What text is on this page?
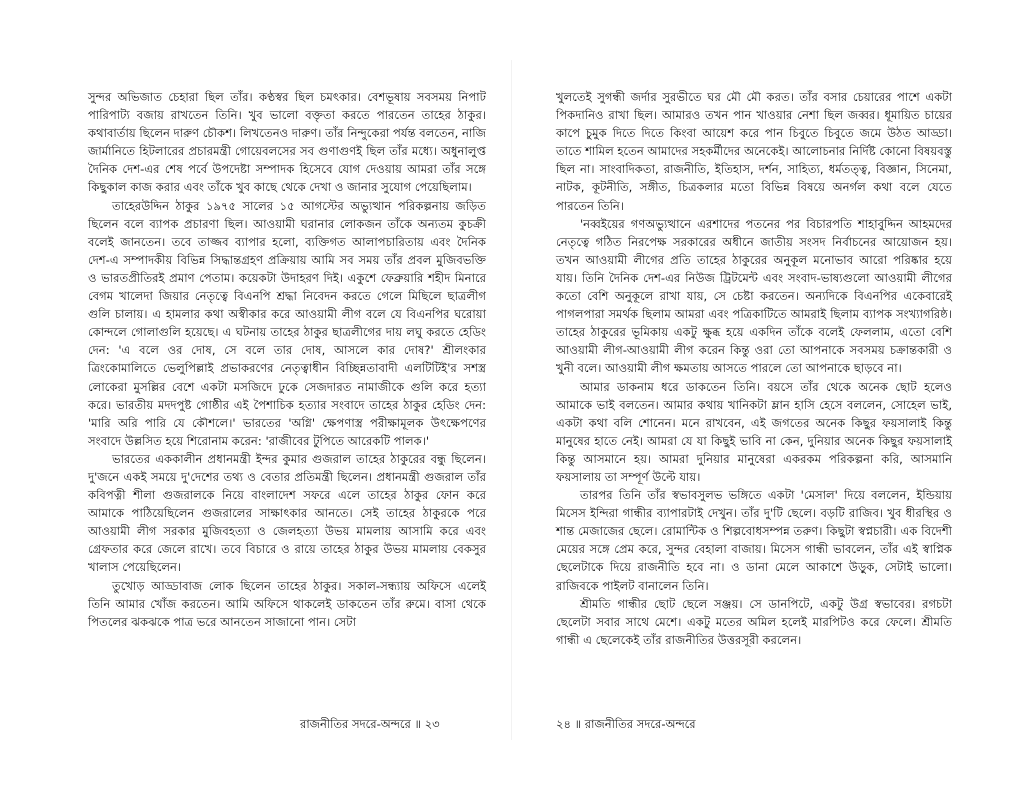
সুন্দর অভিজাত চেহারা ছিল তাঁর। কণ্ঠস্বর ছিল চমৎকার। বেশভূষায় সবসময় নিপাট পারিপাট্য বজায় রাখতেন তিনি। খুব ভালো বক্তৃতা করতে পারতেন তাহের ঠাকুর। কথাবার্তায় ছিলেন দারুণ চৌকশ। লিখতেনও দারুণ। তাঁর নিন্দুকেরা পর্যন্ত বলতেন, নাজি জার্মানিতে হিটলারের প্রচারমন্ত্রী গোয়েবলসের সব গুণাগুণই ছিল তাঁর মধ্যে। অধুনালুপ্ত দৈনিক দেশ-এর শেষ পর্বে উপদেষ্টা সম্পাদক হিসেবে যোগ দেওয়ায় আমরা তাঁর সঙ্গে কিছুকাল কাজ করার এবং তাঁকে খুব কাছে থেকে দেখা ও জানার সুযোগ পেয়েছিলাম।

তাহেরউদ্দিন ঠাকুর ১৯৭৫ সালের ১৫ আগস্টের অভ্যুত্থান পরিকল্পনায় জড়িত ছিলেন বলে ব্যাপক প্রচারণা ছিল। আওয়ামী ঘরানার লোকজন তাঁকে অন্যতম কুচক্রী বলেই জানতেন। তবে তাজ্জব ব্যাপার হলো, ব্যক্তিগত আলাপচারিতায় এবং দৈনিক দেশ-এ সম্পাদকীয় বিভিন্ন সিদ্ধান্তগ্রহণ প্রক্রিয়ায় আমি সব সময় তাঁর প্রবল মুজিবভক্তি ও ভারতপ্রীতিরই প্রমাণ পেতাম। কয়েকটা উদাহরণ দিই। একুশে ফেব্রুয়ারি শহীদ মিনারে বেগম খালেদা জিয়ার নেতৃত্বে বিএনপি শ্রদ্ধা নিবেদন করতে গেলে মিছিলে ছাত্রলীগ গুলি চালায়। এ হামলার কথা অস্বীকার করে আওয়ামী লীগ বলে যে বিএনপির ঘরোয়া কোন্দলে গোলাগুলি হয়েছে। এ ঘটনায় তাহের ঠাকুর ছাত্রলীগের দায় লঘু করতে হেডিং দেন: 'এ বলে ওর দোষ, সে বলে তার দোষ, আসলে কার দোষ?' শ্রীলংকার ত্রিংকোমালিতে ভেলুপিল্লাই প্রভাকরণের নেতৃত্বাধীন বিচ্ছিন্নতাবাদী এলটিটিই'র সশস্ত্র লোকেরা মুসল্লির বেশে একটা মসজিদে ঢুকে সেজদারত নামাজীকে গুলি করে হত্যা করে। ভারতীয় মদদপুষ্ট গোষ্ঠীর এই পৈশাচিক হত্যার সংবাদে তাহের ঠাকুর হেডিং দেন: 'মারি অরি পারি যে কৌশলে।' ভারতের 'অগ্নি' ক্ষেপণাস্ত্র পরীক্ষামূলক উৎক্ষেপণের সংবাদে উল্লসিত হয়ে শিরোনাম করেন: 'রাজীবের টুপিতে আরেকটি পালক।'

ভারতের এককালীন প্রধানমন্ত্রী ইন্দর কুমার গুজরাল তাহের ঠাকুরের বন্ধু ছিলেন। দু'জনে একই সময়ে দু'দেশের তথ্য ও বেতার প্রতিমন্ত্রী ছিলেন। প্রধানমন্ত্রী গুজরাল তাঁর কবিপত্নী শীলা গুজরালকে নিয়ে বাংলাদেশ সফরে এলে তাহের ঠাকুর ফোন করে আমাকে পাঠিয়েছিলেন গুজরালের সাক্ষাৎকার আনতে। সেই তাহের ঠাকুরকে পরে আওয়ামী লীগ সরকার মুজিবহত্যা ও জেলহত্যা উভয় মামলায় আসামি করে এবং গ্রেফতার করে জেলে রাখে। তবে বিচারে ও রায়ে তাহের ঠাকুর উভয় মামলায় বেকসুর খালাস পেয়েছিলেন।

তুখোড় আড্ডাবাজ লোক ছিলেন তাহের ঠাকুর। সকাল-সন্ধ্যায় অফিসে এলেই তিনি আমার খোঁজ করতেন। আমি অফিসে থাকলেই ডাকতেন তাঁর রুমে। বাসা থেকে পিতলের ঝকঝকে পাত্র ভরে আনতেন সাজানো পান। সেটা

রাজনীতির সদরে-অন্দরে ॥ ২৩

খুলতেই সুগন্ধী জর্দার সুরভীতে ঘর মৌ মৌ করত। তাঁর বসার চেয়ারের পাশে একটা পিকদানিও রাখা ছিল। আমারও তখন পান খাওয়ার নেশা ছিল জব্বর। ধূমায়িত চায়ের কাপে চুমুক দিতে দিতে কিংবা আয়েশ করে পান চিবুতে চিবুতে জমে উঠত আড্ডা। তাতে শামিল হতেন আমাদের সহকর্মীদের অনেকেই। আলোচনার নির্দিষ্ট কোনো বিষয়বস্তু ছিল না। সাংবাদিকতা, রাজনীতি, ইতিহাস, দর্শন, সাহিত্য, ধর্মতত্ত্ব, বিজ্ঞান, সিনেমা, নাটক, কূটনীতি, সঙ্গীত, চিত্রকলার মতো বিভিন্ন বিষয়ে অনর্গল কথা বলে যেতে পারতেন তিনি।

'নব্বইয়ের গণঅভ্যুত্থানে এরশাদের পতনের পর বিচারপতি শাহাবুদ্দিন আহমদের নেতৃত্বে গঠিত নিরপেক্ষ সরকারের অধীনে জাতীয় সংসদ নির্বাচনের আয়োজন হয়। তখন আওয়ামী লীগের প্রতি তাহের ঠাকুরের অনুকূল মনোভাব আরো পরিষ্কার হয়ে যায়। তিনি দৈনিক দেশ-এর নিউজ ট্রিটমেন্ট এবং সংবাদ-ভাষ্যগুলো আওয়ামী লীগের কতো বেশি অনুকূলে রাখা যায়, সে চেষ্টা করতেন। অন্যদিকে বিএনপির একেবারেই পাগলপারা সমর্থক ছিলাম আমরা এবং পত্রিকাটিতে আমরাই ছিলাম ব্যাপক সংখ্যাগরিষ্ঠ। তাহের ঠাকুরের ভূমিকায় একটু ক্ষুব্ধ হয়ে একদিন তাঁকে বলেই ফেললাম, এতো বেশি আওয়ামী লীগ-আওয়ামী লীগ করেন কিন্তু ওরা তো আপনাকে সবসময় চক্রান্তকারী ও খুনী বলে। আওয়ামী লীগ ক্ষমতায় আসতে পারলে তো আপনাকে ছাড়বে না।

আমার ডাকনাম ধরে ডাকতেন তিনি। বয়সে তাঁর থেকে অনেক ছোট হলেও আমাকে ভাই বলতেন। আমার কথায় খানিকটা ম্লান হাসি হেসে বললেন, সোহেল ভাই, একটা কথা বলি শোনেন। মনে রাখবেন, এই জগতের অনেক কিছুর ফয়সালাই কিন্তু মানুষের হাতে নেই। আমরা যে যা কিছুই ভাবি না কেন, দুনিয়ার অনেক কিছুর ফয়সালাই কিন্তু আসমানে হয়। আমরা দুনিয়ার মানুষেরা একরকম পরিকল্পনা করি, আসমানি ফয়সালায় তা সম্পূর্ণ উল্টে যায়।

তারপর তিনি তাঁর স্বভাবসুলভ ভঙ্গিতে একটা 'মেসাল' দিয়ে বললেন, ইন্ডিয়ায় মিসেস ইন্দিরা গান্ধীর ব্যাপারটাই দেখুন। তাঁর দু'টি ছেলে। বড়টি রাজিব। খুব ধীরস্থির ও শান্ত মেজাজের ছেলে। রোমান্টিক ও শিল্পবোধসম্পন্ন তরুণ। কিছুটা স্বপ্নচারী। এক বিদেশী মেয়ের সঙ্গে প্রেম করে, সুন্দর বেহালা বাজায়। মিসেস গান্ধী ভাবলেন, তাঁর এই স্বাপ্নিক ছেলেটাকে দিয়ে রাজনীতি হবে না। ও ডানা মেলে আকাশে উড়ুক, সেটাই ভালো। রাজিবকে পাইলট বানালেন তিনি।

শ্রীমতি গান্ধীর ছোট ছেলে সঞ্জয়। সে ডানপিটে, একটু উগ্র স্বভাবের। রগচটা ছেলেটা সবার সাথে মেশে। একটু মতের অমিল হলেই মারপিটও করে ফেলে। শ্রীমতি গান্ধী এ ছেলেকেই তাঁর রাজনীতির উত্তরসূরী করলেন।

২৪ ॥ রাজনীতির সদরে-অন্দরে
